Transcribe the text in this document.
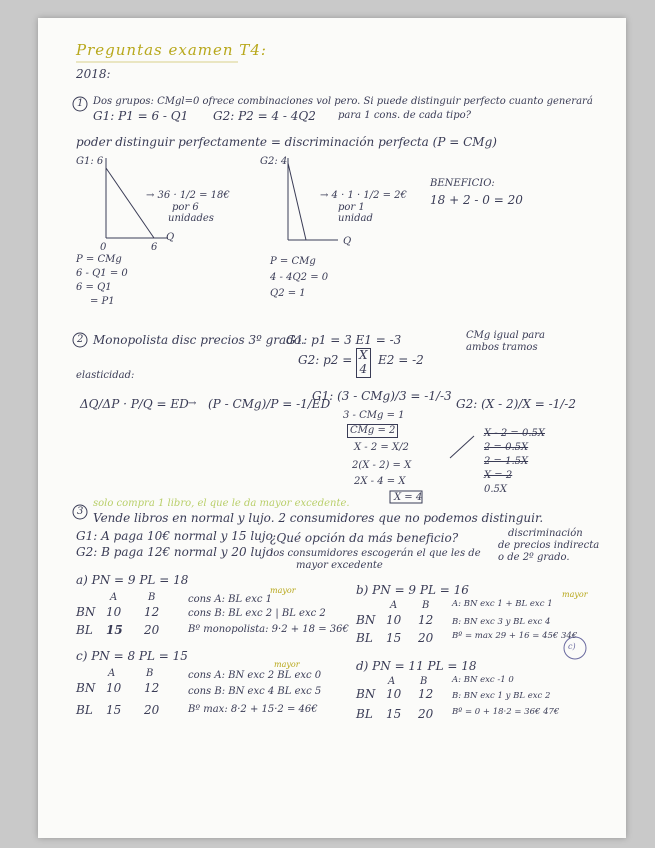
Preguntas examen T4:
2018:
1 Dos grupos: CMgl=0 ofrece combinaciones vol pero. Si puede distinguir perfecto cuanto generará
para 1 cons. de cada tipo?
G1: P1 = 6 - Q1 G2: P2 = 4 - 4Q2
poder distinguir perfectamente = discriminación perfecta (P = CMg)
G1: 6
→ 36 · 1/2 = 18€
por 6
unidades
0	6
Q
G2: 4
→ 4 · 1 · 1/2 = 2€
por 1
unidad
Q
BENEFICIO:
18 + 2 - 0 = 20
P = CMg
6 - Q1 = 0
6 = Q1
= P1
P = CMg
4 - 4Q2 = 0
Q2 = 1
2 Monopolista disc precios 3º grado.
G1: p1 = 3 E1 = -3
G2: p2 = X
4
E2 = -2
CMg igual para
ambos tramos
elasticidad:
ΔQ/ΔP · P/Q = ED → (P - CMg)/P = -1/ED
G1: (3 - CMg)/3 = -1/-3
3 - CMg = 1
CMg = 2
X - 2 = X/2
2(X - 2) = X
2X - 4 = X
X = 4
G2: (X - 2)/X = -1/-2
X - 2 = 0.5X
2 = 0.5X
2 = 1.5X
X = 2
0.5X
solo compra 1 libro, el que le da mayor excedente.
3 Vende libros en normal y lujo. 2 consumidores que no podemos distinguir.
G1: A paga 10€ normal y 15 lujo
G2: B paga 12€ normal y 20 lujo
¿Qué opción da más beneficio?
los consumidores escogerán el que les de
mayor excedente
discriminación
de precios indirecta
o de 2º grado.
a) PN = 9 PL = 18
A	B
BN 10 12
BL 15 20
cons A: BL exc 1
cons B: BL exc 2 | BL exc 2
Bº monopolista: 9·2 + 18 = 36€
mayor	b) PN = 9 PL = 16
A B
BN 10 12
BL 15 20
A: BN exc 1 + BL exc 1
B: BN exc 3 y BL exc 4
Bº = max 29 + 16 = 45€ 34€
mayor
c) PN = 8 PL = 15
A	B
BN 10 12
BL 15 20
cons A: BN exc 2 BL exc 0
cons B: BN exc 4 BL exc 5
Bº max: 8·2 + 15·2 = 46€
mayor	d) PN = 11 PL = 18
A B
BN 10 12
BL 15 20
A: BN exc -1 0
B: BN exc 1 y BL exc 2
Bº = 0 + 18·2 = 36€ 47€
c)
